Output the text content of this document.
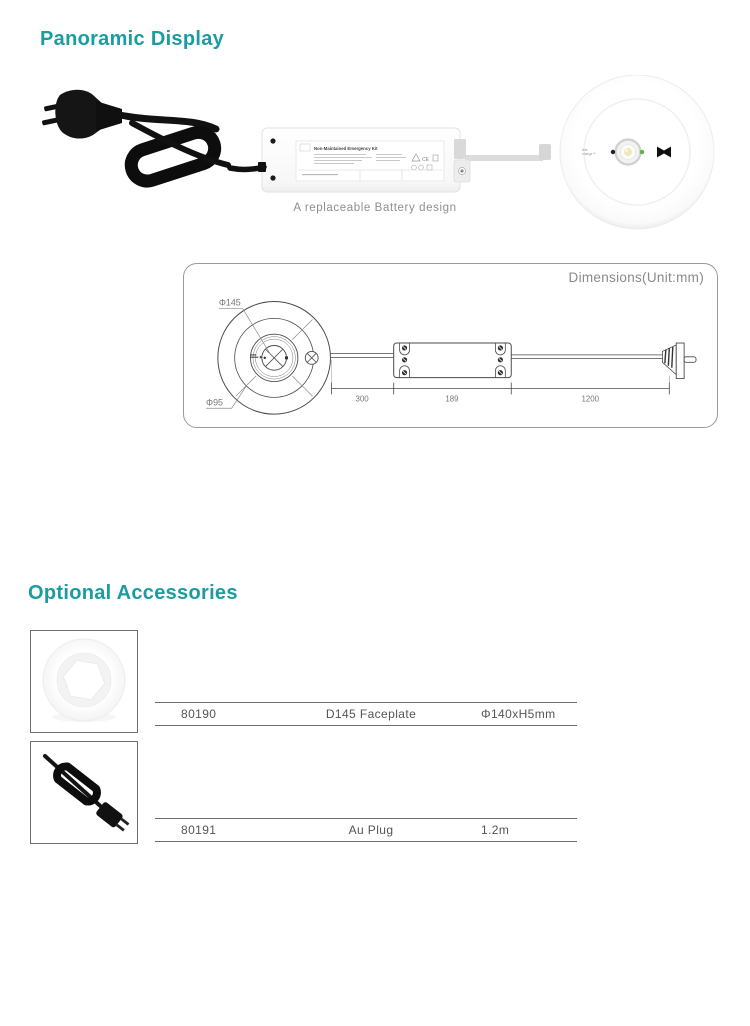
Panoramic Display
test
charge™
Non-Maintained Emergency Kit
CE
A replaceable Battery design
Dimensions(Unit:mm)
Φ145
Φ95	300	189	1200
Optional Accessories
80190	D145 Faceplate	Φ140xH5mm
80191	Au Plug	1.2m
